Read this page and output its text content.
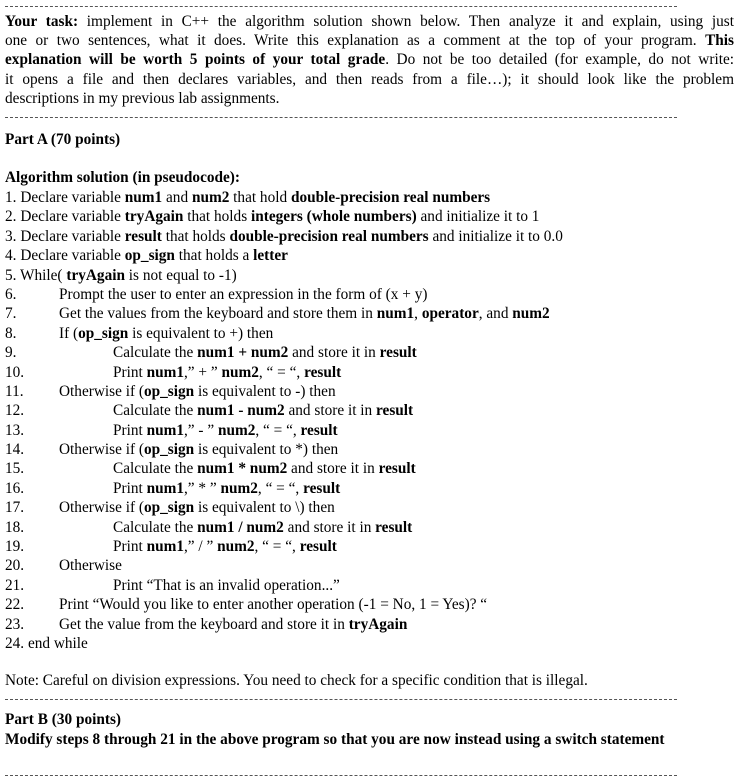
Your task: implement in C++ the algorithm solution shown below. Then analyze it and explain, using just
one or two sentences, what it does. Write this explanation as a comment at the top of your program. This
explanation will be worth 5 points of your total grade. Do not be too detailed (for example, do not write:
it opens a file and then declares variables, and then reads from a file…); it should look like the problem
descriptions in my previous lab assignments.
Part A (70 points)
Algorithm solution (in pseudocode):
1. Declare variable num1 and num2 that hold double-precision real numbers
2. Declare variable tryAgain that holds integers (whole numbers) and initialize it to 1
3. Declare variable result that holds double-precision real numbers and initialize it to 0.0
4. Declare variable op_sign that holds a letter
5. While( tryAgain is not equal to -1)
6.	Prompt the user to enter an expression in the form of (x + y)
7.	Get the values from the keyboard and store them in num1, operator, and num2
8.	If (op_sign is equivalent to +) then
9.	Calculate the num1 + num2 and store it in result
10.	Print num1,” + ” num2, “ = “, result
11. Otherwise if (op_sign is equivalent to -) then
12.	Calculate the num1 - num2 and store it in result
13.	Print num1,” - ” num2, “ = “, result
14. Otherwise if (op_sign is equivalent to *) then
15.	Calculate the num1 * num2 and store it in result
16.	Print num1,” * ” num2, “ = “, result
17. Otherwise if (op_sign is equivalent to \) then
18.	Calculate the num1 / num2 and store it in result
19.	Print num1,” / ” num2, “ = “, result
20. Otherwise
21.	Print “That is an invalid operation...”
22. Print “Would you like to enter another operation (-1 = No, 1 = Yes)? “
23. Get the value from the keyboard and store it in tryAgain
24. end while
Note: Careful on division expressions. You need to check for a specific condition that is illegal.
Part B (30 points)
Modify steps 8 through 21 in the above program so that you are now instead using a switch statement
